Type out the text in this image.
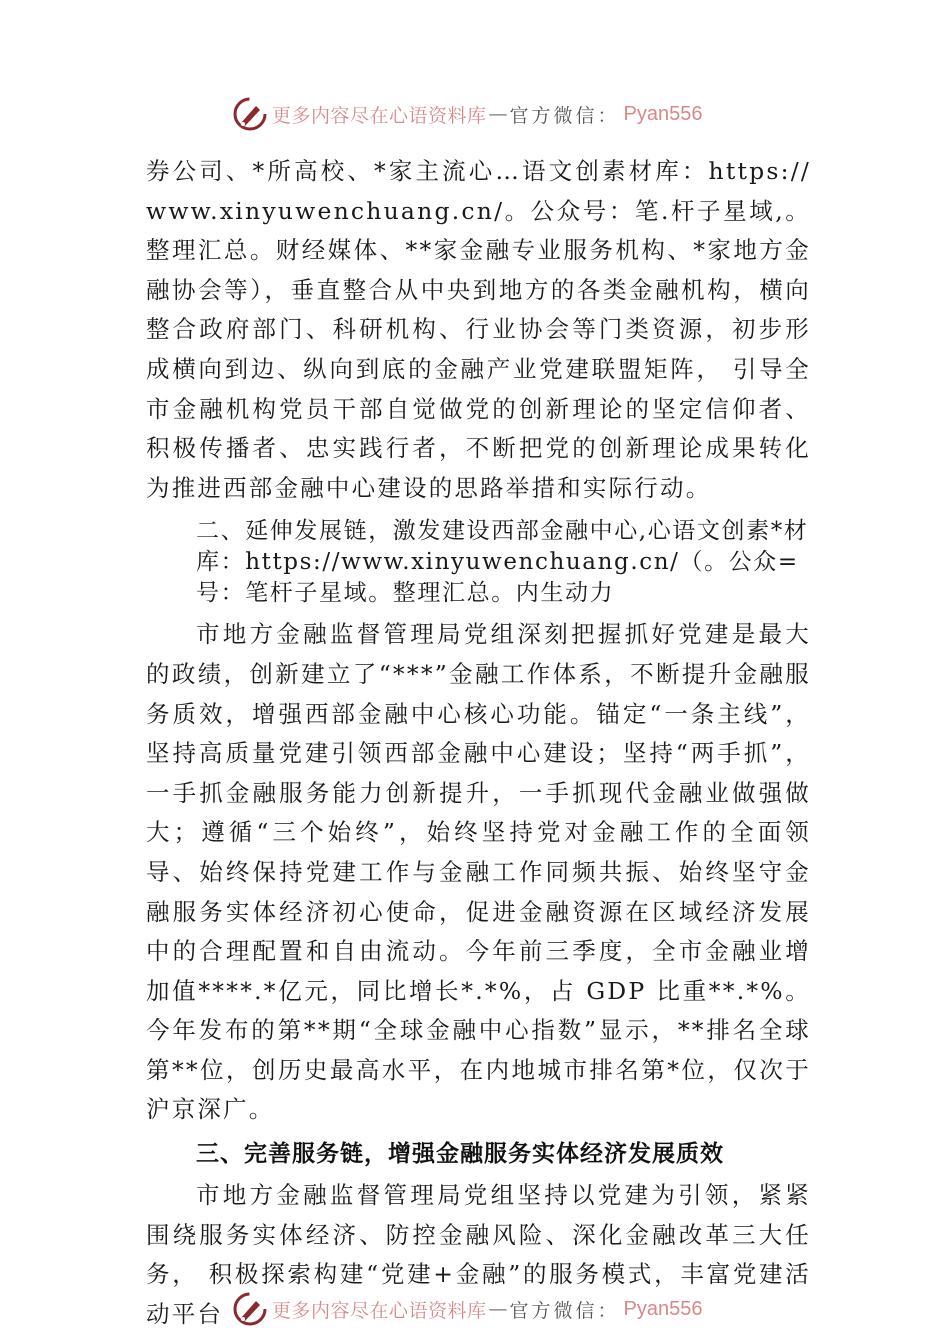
更多内容尽在心语资料库 — 官方微信： Pyan556

券公司、*所高校、*家主流心…语文创素材库：https://www.xinyuwenchuang.cn/。公众号：笔.杆子星域,。整理汇总。财经媒体、**家金融专业服务机构、*家地方金融协会等），垂直整合从中央到地方的各类金融机构，横向整合政府部门、科研机构、行业协会等门类资源，初步形成横向到边、纵向到底的金融产业党建联盟矩阵， 引导全市金融机构党员干部自觉做党的创新理论的坚定信仰者、积极传播者、忠实践行者，不断把党的创新理论成果转化为推进西部金融中心建设的思路举措和实际行动。

二、延伸发展链，激发建设西部金融中心,心语文创素*材库：https://www.xinyuwenchuang.cn/（。公众=号：笔杆子星域。整理汇总。内生动力

市地方金融监督管理局党组深刻把握抓好党建是最大的政绩，创新建立了“***”金融工作体系，不断提升金融服务质效，增强西部金融中心核心功能。锚定“一条主线”，坚持高质量党建引领西部金融中心建设；坚持“两手抓”，一手抓金融服务能力创新提升，一手抓现代金融业做强做大；遵循“三个始终”，始终坚持党对金融工作的全面领导、始终保持党建工作与金融工作同频共振、始终坚守金融服务实体经济初心使命，促进金融资源在区域经济发展中的合理配置和自由流动。今年前三季度，全市金融业增加值****.*亿元，同比增长*.*%，占 GDP 比重**.*%。今年发布的第**期“全球金融中心指数”显示，**排名全球第**位，创历史最高水平，在内地城市排名第*位，仅次于沪京深广。

三、完善服务链，增强金融服务实体经济发展质效

市地方金融监督管理局党组坚持以党建为引领，紧紧围绕服务实体经济、防控金融风险、深化金融改革三大任务， 积极探索构建“党建+金融”的服务模式，丰富党建活动平台	更多内容尽在心语资料库 — 官方微信： Pyan556
